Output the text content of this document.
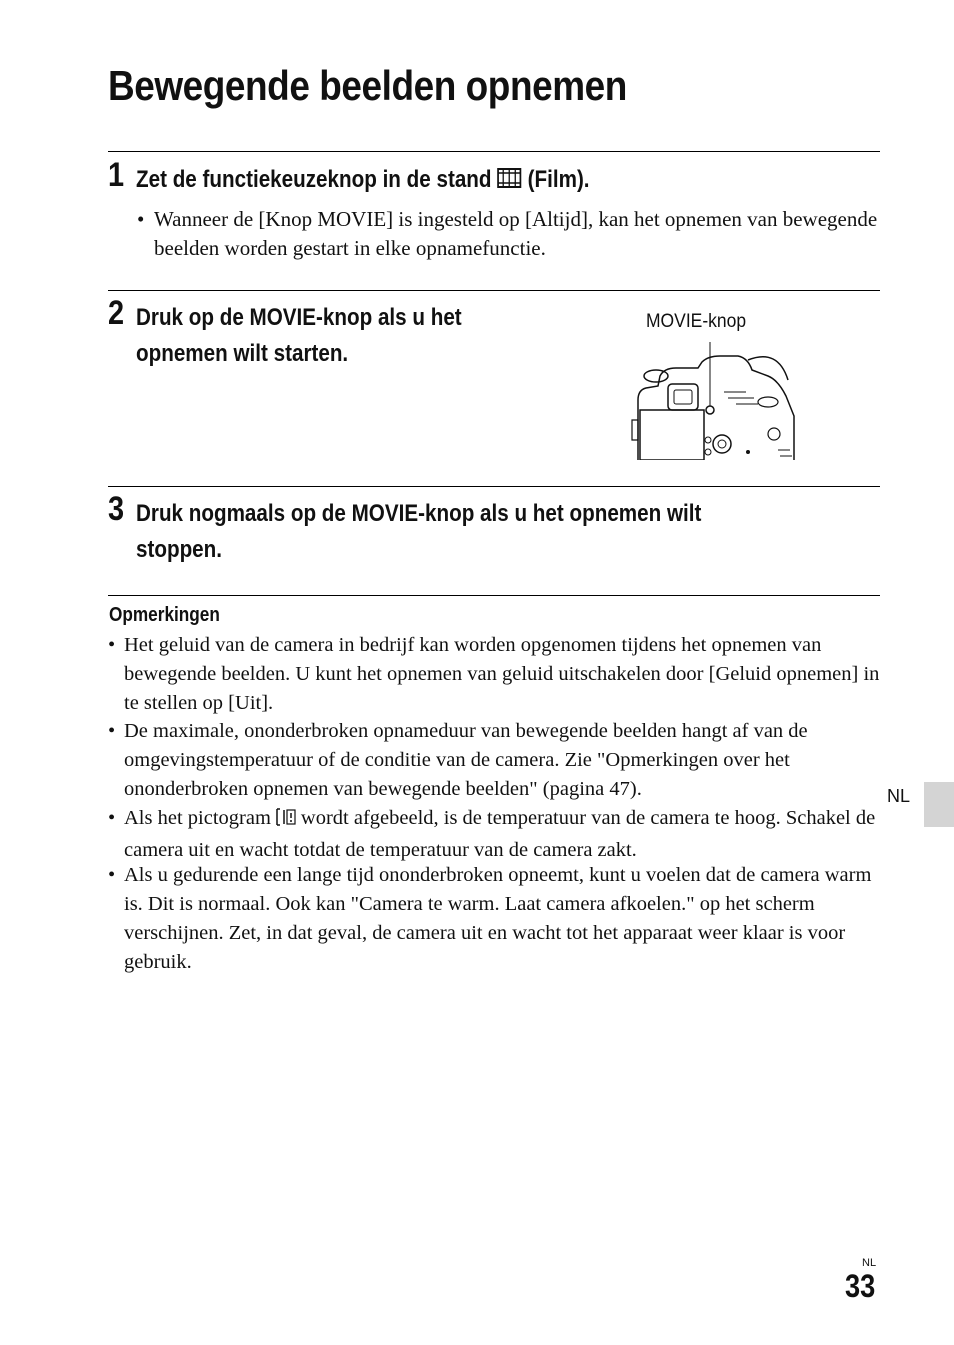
Bewegende beelden opnemen
1 Zet de functiekeuzeknop in de stand (Film).
• Wanneer de [Knop MOVIE] is ingesteld op [Altijd], kan het opnemen van bewegende beelden worden gestart in elke opnamefunctie.
2 Druk op de MOVIE-knop als u het
opnemen wilt starten.
MOVIE-knop
3 Druk nogmaals op de MOVIE-knop als u het opnemen wilt
stoppen.
Opmerkingen
• Het geluid van de camera in bedrijf kan worden opgenomen tijdens het opnemen van bewegende beelden. U kunt het opnemen van geluid uitschakelen door [Geluid opnemen] in te stellen op [Uit].
• De maximale, ononderbroken opnameduur van bewegende beelden hangt af van de omgevingstemperatuur of de conditie van de camera. Zie "Opmerkingen over het ononderbroken opnemen van bewegende beelden" (pagina 47).
• Als het pictogram wordt afgebeeld, is de temperatuur van de camera te hoog. Schakel de camera uit en wacht totdat de temperatuur van de camera zakt.
• Als u gedurende een lange tijd ononderbroken opneemt, kunt u voelen dat de camera warm is. Dit is normaal. Ook kan "Camera te warm. Laat camera afkoelen." op het scherm verschijnen. Zet, in dat geval, de camera uit en wacht tot het apparaat weer klaar is voor gebruik.
NL
NL
33
